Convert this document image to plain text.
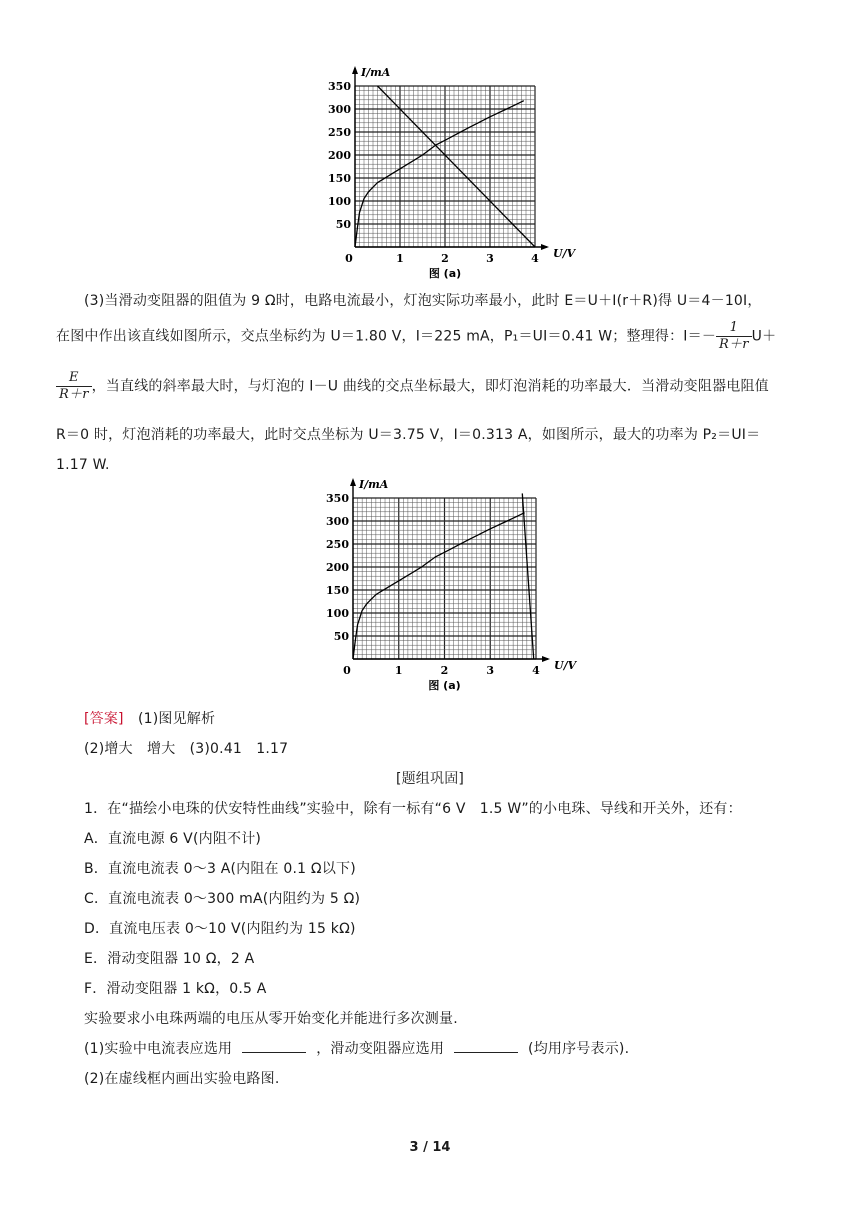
50
100
150
200
250
300
350
0	1	2	3	4
I/mA
U/V
图 (a)
(3)当滑动变阻器的阻值为 9 Ω时，电路电流最小，灯泡实际功率最小，此时 E＝U＋I(r＋R)得 U＝4－10I，
在图中作出该直线如图所示，交点坐标约为 U＝1.80 V，I＝225 mA，P₁＝UI＝0.41 W；整理得：$I=- \frac{1}{R+r} U+$
$\frac{E}{R+r}$ ，当直线的斜率最大时，与灯泡的 I－U 曲线的交点坐标最大，即灯泡消耗的功率最大．当滑动变阻器电阻值
R＝0 时，灯泡消耗的功率最大，此时交点坐标为 U＝3.75 V，I＝0.313 A，如图所示，最大的功率为 P₂＝UI＝
1.17 W.
50
100
150
200
250
300
350
0	1	2	3	4
I/mA
U/V
图 (a)
[答案]　 (1)图见解析
(2)增大　增大　(3)0.41　1.17
[题组巩固]
1．在“描绘小电珠的伏安特性曲线”实验中，除有一标有“6 V　1.5 W”的小电珠、导线和开关外，还有：
A．直流电源 6 V(内阻不计)
B．直流电流表 0～3 A(内阻在 0.1 Ω以下)
C．直流电流表 0～300 mA(内阻约为 5 Ω)
D．直流电压表 0～10 V(内阻约为 15 kΩ)
E．滑动变阻器 10 Ω，2 A
F．滑动变阻器 1 kΩ，0.5 A
实验要求小电珠两端的电压从零开始变化并能进行多次测量.
(1)实验中电流表应选用	，滑动变阻器应选用	(均用序号表示).
(2)在虚线框内画出实验电路图.
3 / 14
